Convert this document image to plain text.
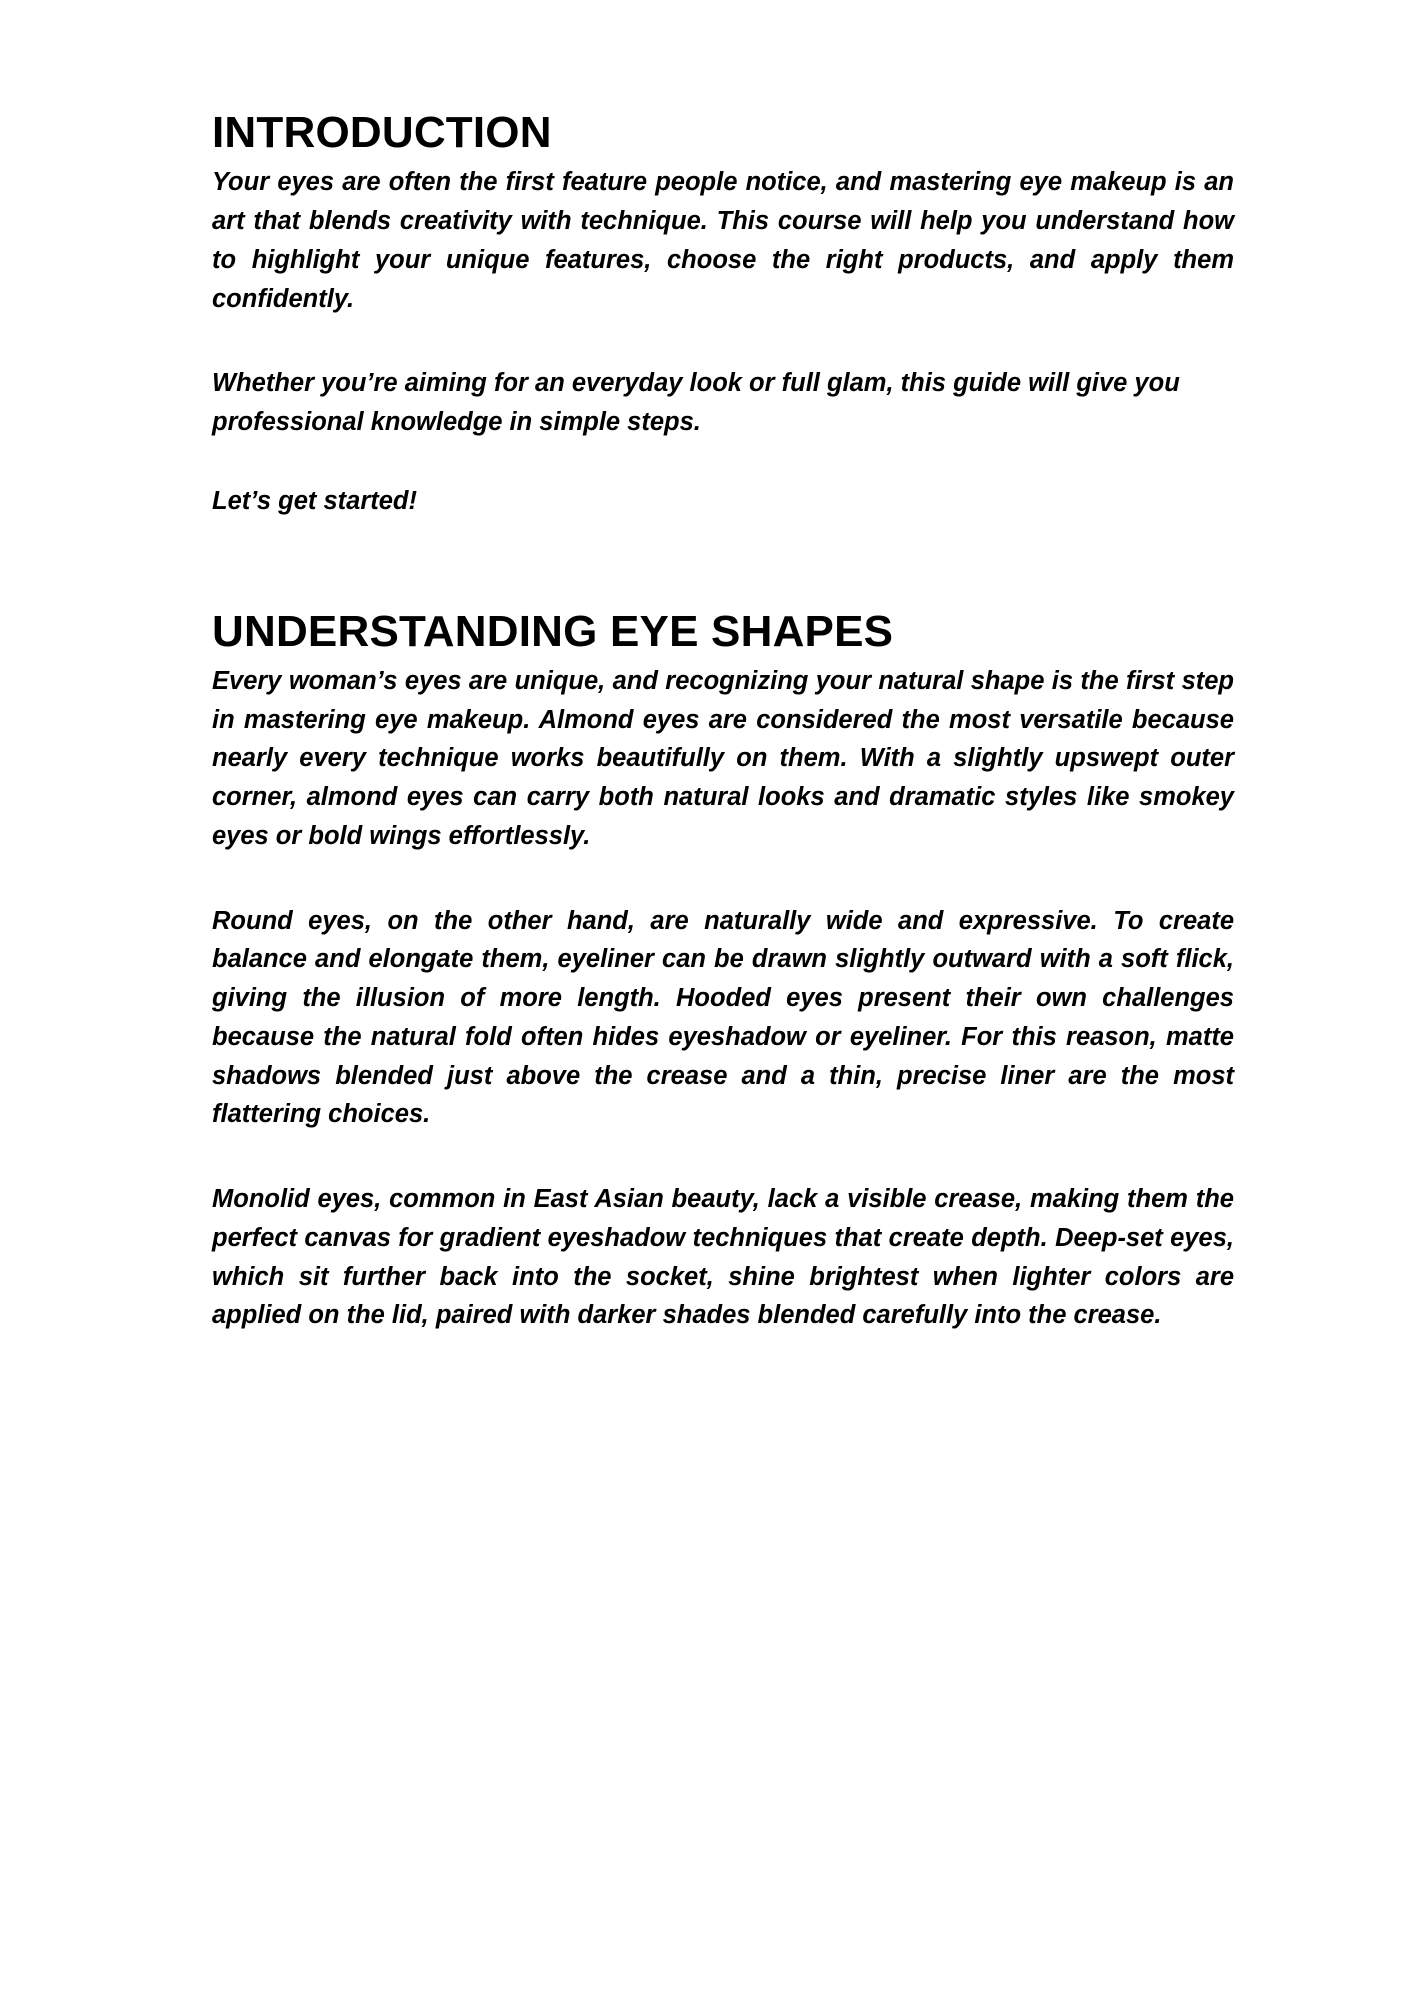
INTRODUCTION

Your eyes are often the first feature people notice, and mastering eye makeup is an art that blends creativity with technique. This course will help you understand how to highlight your unique features, choose the right products, and apply them confidently.

Whether you’re aiming for an everyday look or full glam, this guide will give you professional knowledge in simple steps.

Let’s get started!

UNDERSTANDING EYE SHAPES

Every woman’s eyes are unique, and recognizing your natural shape is the first step in mastering eye makeup. Almond eyes are considered the most versatile because nearly every technique works beautifully on them. With a slightly upswept outer corner, almond eyes can carry both natural looks and dramatic styles like smokey eyes or bold wings effortlessly.

Round eyes, on the other hand, are naturally wide and expressive. To create balance and elongate them, eyeliner can be drawn slightly outward with a soft flick, giving the illusion of more length. Hooded eyes present their own challenges because the natural fold often hides eyeshadow or eyeliner. For this reason, matte shadows blended just above the crease and a thin, precise liner are the most flattering choices.

Monolid eyes, common in East Asian beauty, lack a visible crease, making them the perfect canvas for gradient eyeshadow techniques that create depth. Deep-set eyes, which sit further back into the socket, shine brightest when lighter colors are applied on the lid, paired with darker shades blended carefully into the crease.
